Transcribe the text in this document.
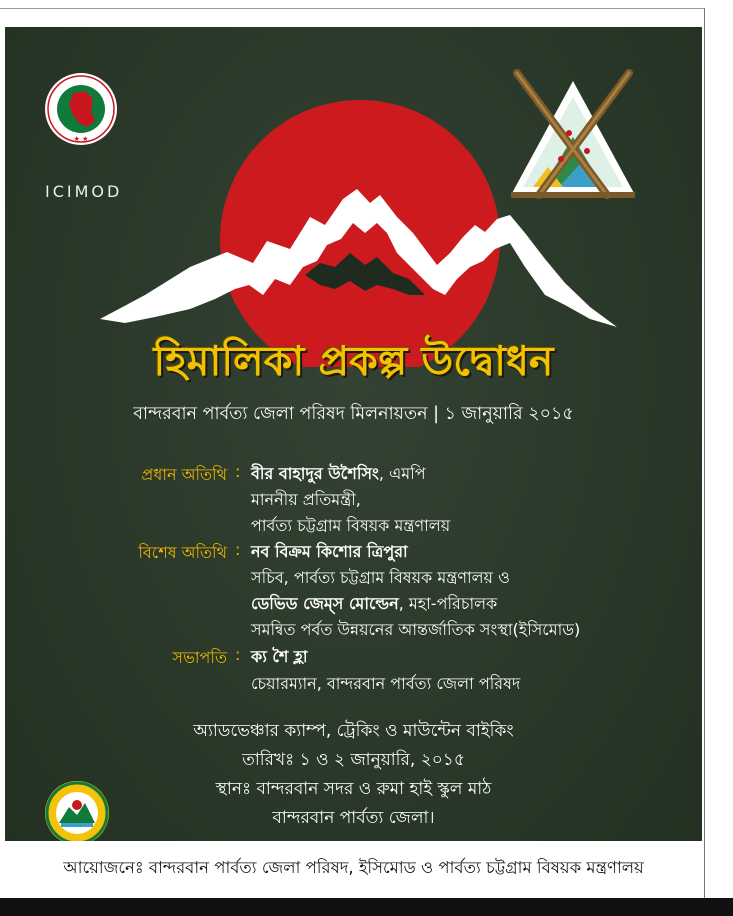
★ ★
ICIMOD
হিমালিকা প্রকল্প উদ্বোধন
বান্দরবান পার্বত্য জেলা পরিষদ মিলনায়তন | ১ জানুয়ারি ২০১৫
প্রধান অতিথি : বীর বাহাদুর উশৈসিং, এমপি
মাননীয় প্রতিমন্ত্রী,
পার্বত্য চট্টগ্রাম বিষয়ক মন্ত্রণালয়
বিশেষ অতিথি : নব বিক্রম কিশোর ত্রিপুরা
সচিব, পার্বত্য চট্টগ্রাম বিষয়ক মন্ত্রণালয় ও
ডেভিড জেম্স মোল্ডেন, মহা-পরিচালক
সমন্বিত পর্বত উন্নয়নের আন্তর্জাতিক সংস্থা(ইসিমোড)
সভাপতি : ক্য শৈ হ্লা
চেয়ারম্যান, বান্দরবান পার্বত্য জেলা পরিষদ
অ্যাডভেঞ্চার ক্যাম্প, ট্রেকিং ও মাউন্টেন বাইকিং
তারিখঃ ১ ও ২ জানুয়ারি, ২০১৫
স্থানঃ বান্দরবান সদর ও রুমা হাই স্কুল মাঠ
বান্দরবান পার্বত্য জেলা।
আয়োজনেঃ বান্দরবান পার্বত্য জেলা পরিষদ, ইসিমোড ও পার্বত্য চট্টগ্রাম বিষয়ক মন্ত্রণালয়
